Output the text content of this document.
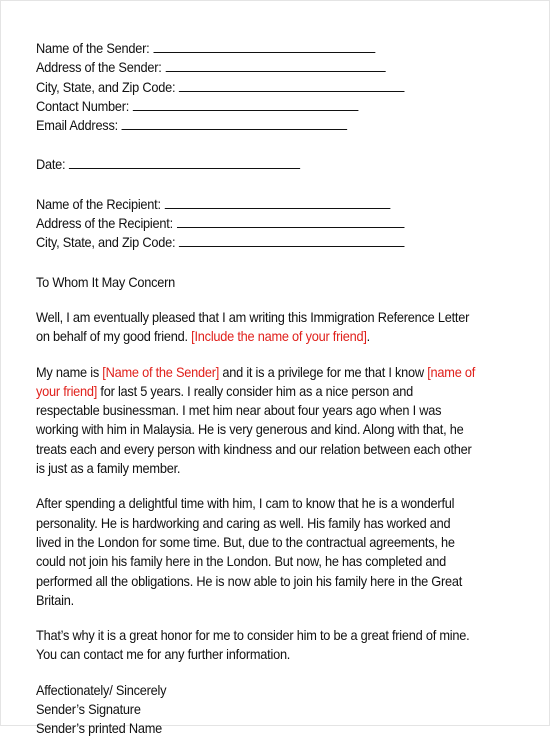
Name of the Sender:
Address of the Sender:
City, State, and Zip Code:
Contact Number:
Email Address:
Date:
Name of the Recipient:
Address of the Recipient:
City, State, and Zip Code:
To Whom It May Concern
Well, I am eventually pleased that I am writing this Immigration Reference Letter
on behalf of my good friend. [Include the name of your friend].
My name is [Name of the Sender] and it is a privilege for me that I know [name of
your friend] for last 5 years. I really consider him as a nice person and
respectable businessman. I met him near about four years ago when I was
working with him in Malaysia. He is very generous and kind. Along with that, he
treats each and every person with kindness and our relation between each other
is just as a family member.
After spending a delightful time with him, I cam to know that he is a wonderful
personality. He is hardworking and caring as well. His family has worked and
lived in the London for some time. But, due to the contractual agreements, he
could not join his family here in the London. But now, he has completed and
performed all the obligations. He is now able to join his family here in the Great
Britain.
That’s why it is a great honor for me to consider him to be a great friend of mine.
You can contact me for any further information.
Affectionately/ Sincerely
Sender’s Signature
Sender’s printed Name
